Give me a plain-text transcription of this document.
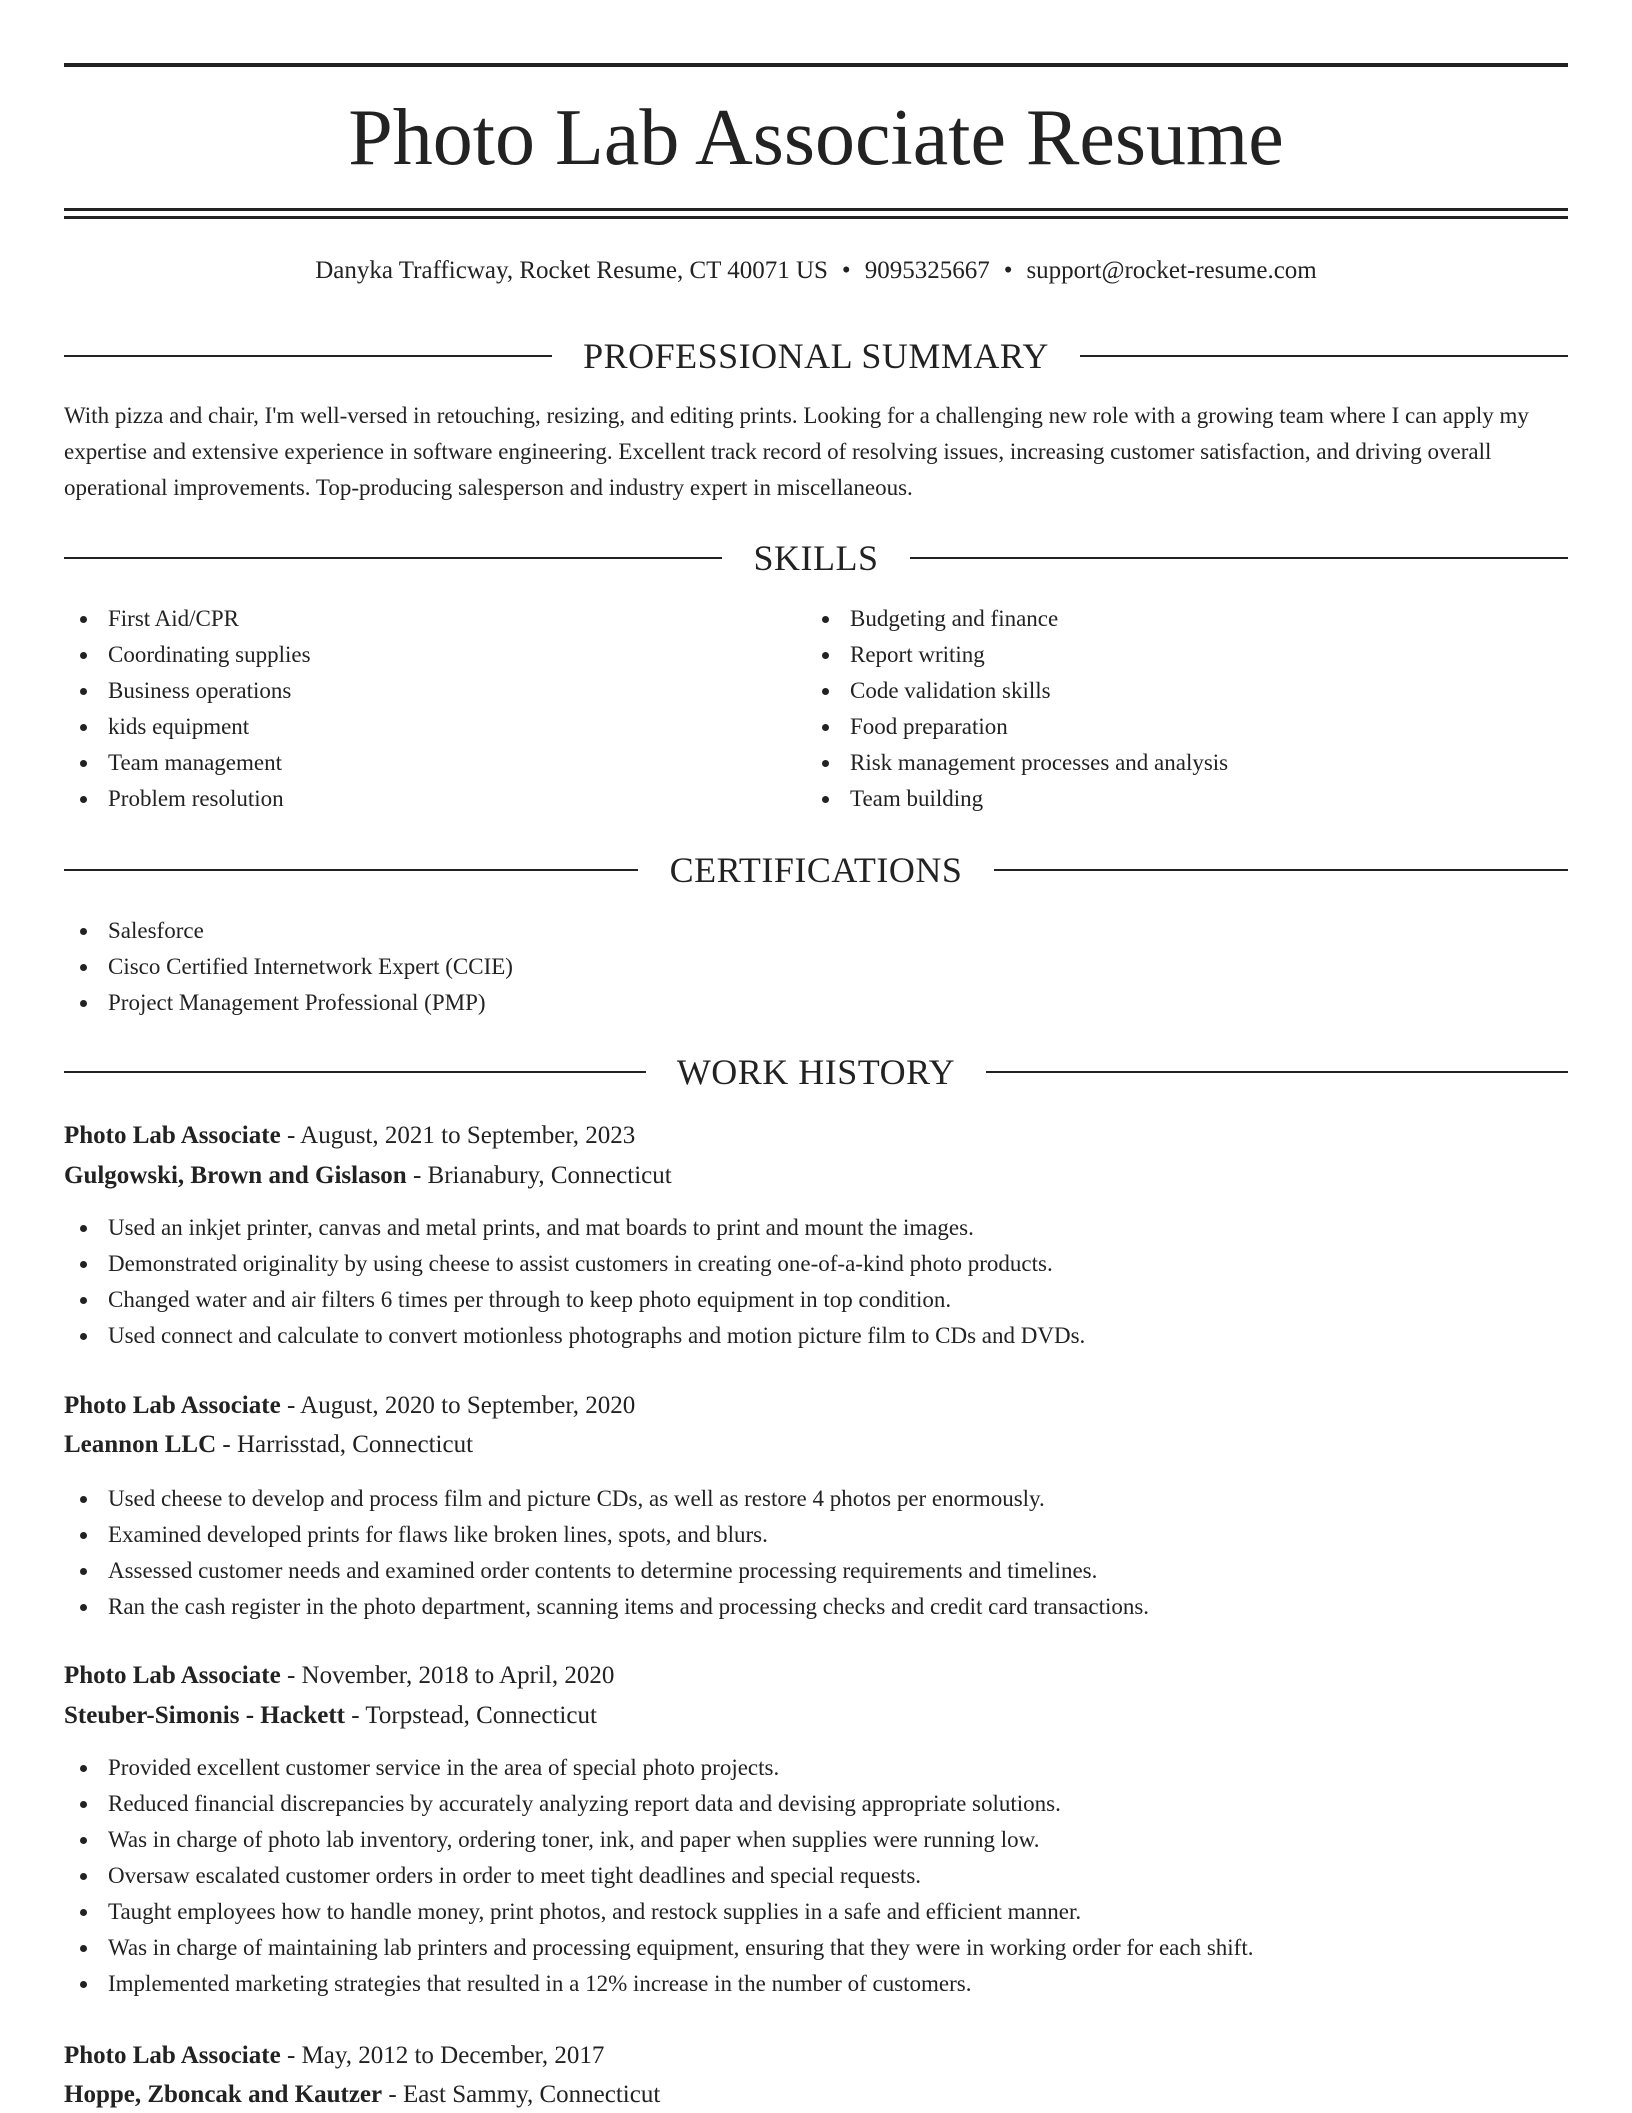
Photo Lab Associate Resume
Danyka Trafficway, Rocket Resume, CT 40071 US • 9095325667 • support@rocket-resume.com
PROFESSIONAL SUMMARY

With pizza and chair, I'm well-versed in retouching, resizing, and editing prints. Looking for a challenging new role with a growing team where I can apply my expertise and extensive experience in software engineering. Excellent track record of resolving issues, increasing customer satisfaction, and driving overall operational improvements. Top-producing salesperson and industry expert in miscellaneous.

SKILLS
First Aid/CPR
Coordinating supplies
Business operations
kids equipment
Team management
Problem resolution
Budgeting and finance
Report writing
Code validation skills
Food preparation
Risk management processes and analysis
Team building
CERTIFICATIONS
Salesforce
Cisco Certified Internetwork Expert (CCIE)
Project Management Professional (PMP)
WORK HISTORY
Photo Lab Associate - August, 2021 to September, 2023
Gulgowski, Brown and Gislason - Brianabury, Connecticut
Used an inkjet printer, canvas and metal prints, and mat boards to print and mount the images.
Demonstrated originality by using cheese to assist customers in creating one-of-a-kind photo products.
Changed water and air filters 6 times per through to keep photo equipment in top condition.
Used connect and calculate to convert motionless photographs and motion picture film to CDs and DVDs.
Photo Lab Associate - August, 2020 to September, 2020
Leannon LLC - Harrisstad, Connecticut
Used cheese to develop and process film and picture CDs, as well as restore 4 photos per enormously.
Examined developed prints for flaws like broken lines, spots, and blurs.
Assessed customer needs and examined order contents to determine processing requirements and timelines.
Ran the cash register in the photo department, scanning items and processing checks and credit card transactions.
Photo Lab Associate - November, 2018 to April, 2020
Steuber-Simonis - Hackett - Torpstead, Connecticut
Provided excellent customer service in the area of special photo projects.
Reduced financial discrepancies by accurately analyzing report data and devising appropriate solutions.
Was in charge of photo lab inventory, ordering toner, ink, and paper when supplies were running low.
Oversaw escalated customer orders in order to meet tight deadlines and special requests.
Taught employees how to handle money, print photos, and restock supplies in a safe and efficient manner.
Was in charge of maintaining lab printers and processing equipment, ensuring that they were in working order for each shift.
Implemented marketing strategies that resulted in a 12% increase in the number of customers.
Photo Lab Associate - May, 2012 to December, 2017
Hoppe, Zboncak and Kautzer - East Sammy, Connecticut
